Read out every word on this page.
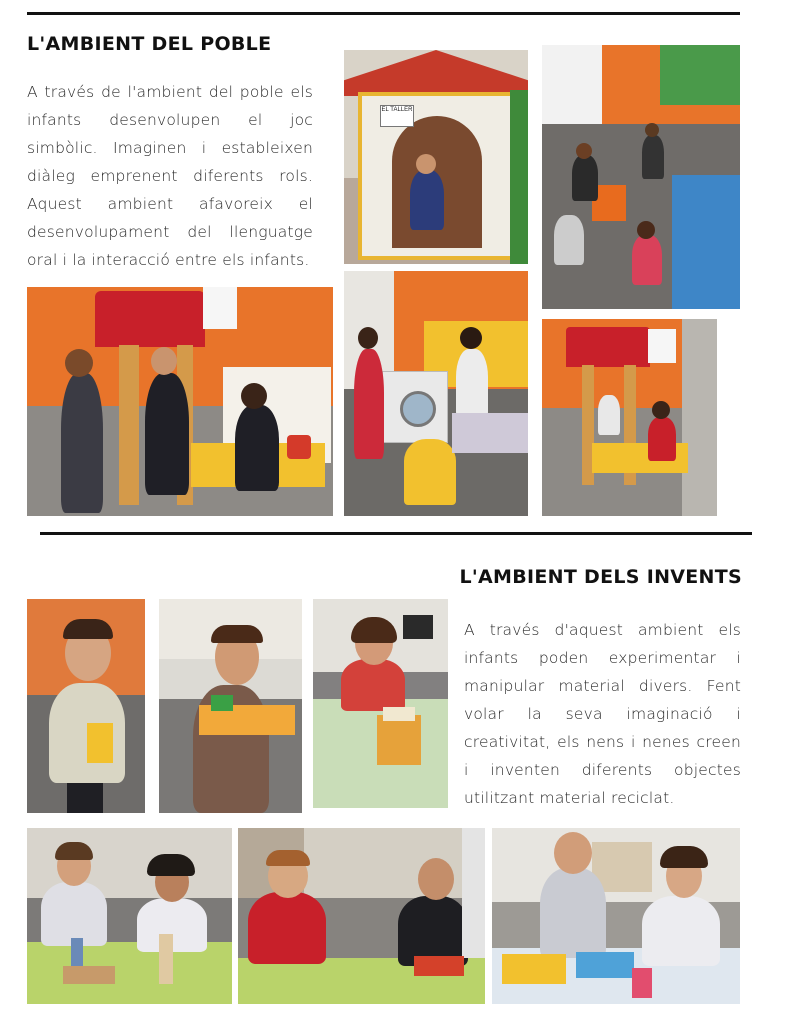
L'AMBIENT DEL POBLE

A través de l'ambient del poble els infants desenvolupen el joc simbòlic. Imaginen i estableixen diàleg emprenent diferents rols. Aquest ambient afavoreix el desenvolupament del llenguatge oral i la interacció entre els infants.

EL TALLER
L'AMBIENT DELS INVENTS

A través d'aquest ambient els infants poden experimentar i manipular material divers. Fent volar la seva imaginació i creativitat, els nens i nenes creen i inventen diferents objectes utilitzant material reciclat.
